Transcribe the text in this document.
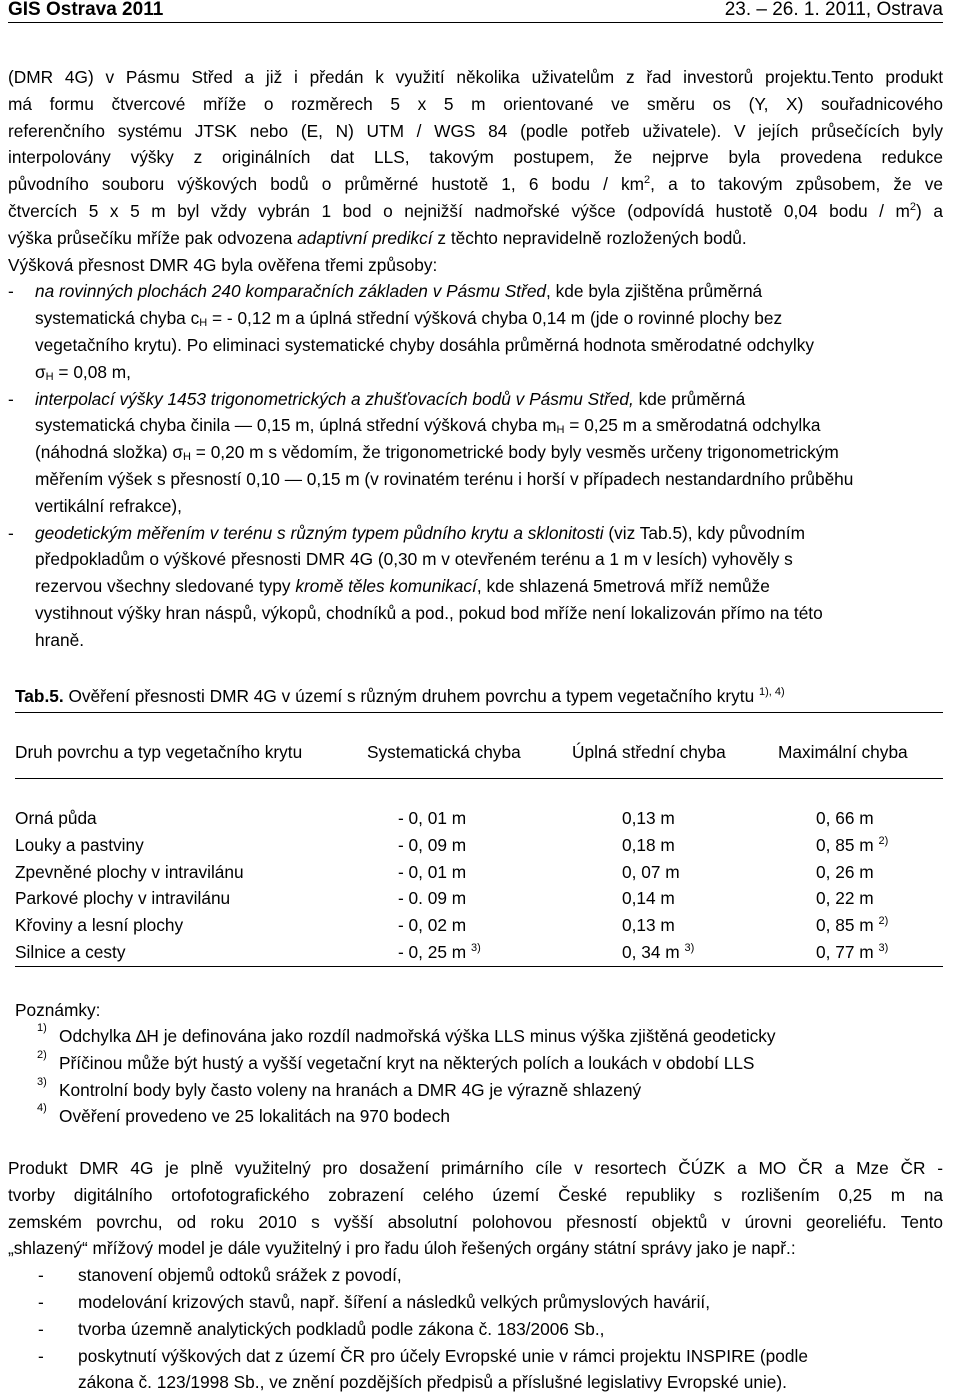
GIS Ostrava 2011	23. – 26. 1. 2011, Ostrava
(DMR 4G) v Pásmu Střed a již i předán k využití několika uživatelům z řad investorů projektu.Tento produkt
má formu čtvercové mříže o rozměrech 5 x 5 m orientované ve směru os (Y, X) souřadnicového
referenčního systému JTSK nebo (E, N) UTM / WGS 84 (podle potřeb uživatele). V jejích průsečících byly
interpolovány výšky z originálních dat LLS, takovým postupem, že nejprve byla provedena redukce
původního souboru výškových bodů o průměrné hustotě 1, 6 bodu / $km^2$, a to takovým způsobem, že ve
čtvercích 5 x 5 m byl vždy vybrán 1 bod o nejnižší nadmořské výšce (odpovídá hustotě 0,04 bodu / $m^2$) a
výška průsečíku mříže pak odvozena adaptivní predikcí z těchto nepravidelně rozložených bodů.
Výšková přesnost DMR 4G byla ověřena třemi způsoby:
- na rovinných plochách 240 komparačních základen v Pásmu Střed, kde byla zjištěna průměrná
systematická chyba $c_H$ = - 0,12 m a úplná střední výšková chyba 0,14 m (jde o rovinné plochy bez
vegetačního krytu). Po eliminaci systematické chyby dosáhla průměrná hodnota směrodatné odchylky
$\sigma_H = 0,08$ m,
- interpolací výšky 1453 trigonometrických a zhušťovacích bodů v Pásmu Střed, kde průměrná
systematická chyba činila — 0,15 m, úplná střední výšková chyba $m_H = 0,25$ m a směrodatná odchylka
(náhodná složka) $\sigma_H = 0,20$ m s vědomím, že trigonometrické body byly vesměs určeny trigonometrickým
měřením výšek s přesností 0,10 — 0,15 m (v rovinatém terénu i horší v případech nestandardního průběhu
vertikální refrakce),
- geodetickým měřením v terénu s různým typem půdního krytu a sklonitosti (viz Tab.5), kdy původním
předpokladům o výškové přesnosti DMR 4G (0,30 m v otevřeném terénu a 1 m v lesích) vyhověly s
rezervou všechny sledované typy kromě těles komunikací, kde shlazená 5metrová mříž nemůže
vystihnout výšky hran náspů, výkopů, chodníků a pod., pokud bod mříže není lokalizován přímo na této
hraně.
Tab.5. Ověření přesnosti DMR 4G v území s různým druhem povrchu a typem vegetačního krytu $^{1), 4)}$
Druh povrchu a typ vegetačního krytu	Systematická chyba	Úplná střední chyba	Maximální chyba
Orná půda	- 0, 01 m	0,13 m	0, 66 m
Louky a pastviny	- 0, 09 m	0,18 m	0, 85 m $^{2)}$
Zpevněné plochy v intravilánu	- 0, 01 m	0, 07 m	0, 26 m
Parkové plochy v intravilánu	- 0. 09 m	0,14 m	0, 22 m
Křoviny a lesní plochy	- 0, 02 m	0,13 m	0, 85 m $^{2)}$
Silnice a cesty	- 0, 25 m $^{3)}$	0, 34 m $^{3)}$	0, 77 m $^{3)}$
Poznámky:
1) Odchylka ∆H je definována jako rozdíl nadmořská výška LLS minus výška zjištěná geodeticky
2) Příčinou může být hustý a vyšší vegetační kryt na některých polích a loukách v období LLS
3) Kontrolní body byly často voleny na hranách a DMR 4G je výrazně shlazený
4) Ověření provedeno ve 25 lokalitách na 970 bodech
Produkt DMR 4G je plně využitelný pro dosažení primárního cíle v resortech ČÚZK a MO ČR a Mze ČR -
tvorby digitálního ortofotografického zobrazení celého území České republiky s rozlišením 0,25 m na
zemském povrchu, od roku 2010 s vyšší absolutní polohovou přesností objektů v úrovni georeliéfu. Tento
„shlazený“ mřížový model je dále využitelný i pro řadu úloh řešených orgány státní správy jako je např.:
- stanovení objemů odtoků srážek z povodí,
- modelování krizových stavů, např. šíření a následků velkých průmyslových havárií,
- tvorba územně analytických podkladů podle zákona č. 183/2006 Sb.,
- poskytnutí výškových dat z území ČR pro účely Evropské unie v rámci projektu INSPIRE (podle
zákona č. 123/1998 Sb., ve znění pozdějších předpisů a příslušné legislativy Evropské unie).
